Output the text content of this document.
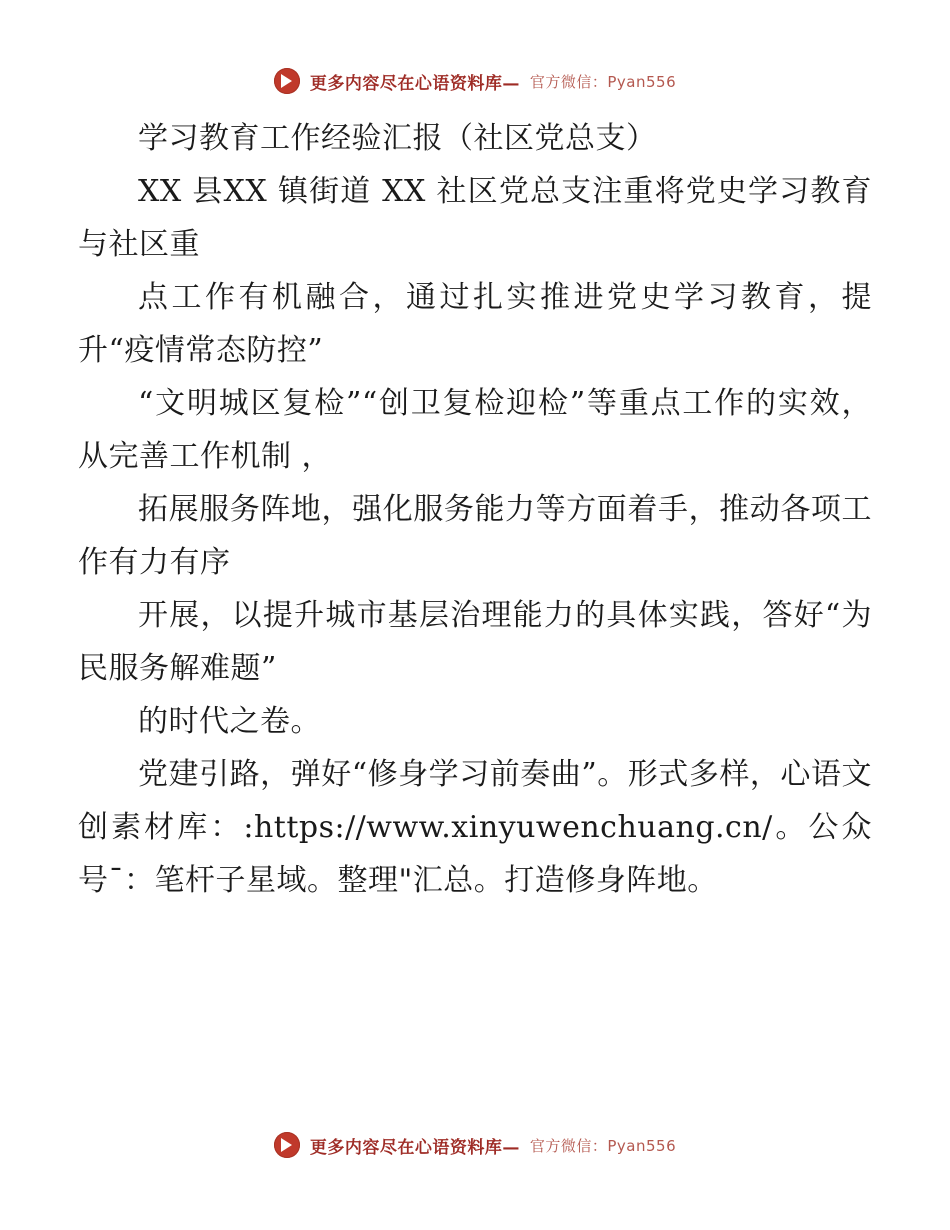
更多内容尽在心语资料库— 官方微信：Pyan556

学习教育工作经验汇报（社区党总支）

XX 县XX 镇街道 XX 社区党总支注重将党史学习教育与社区重

点工作有机融合，通过扎实推进党史学习教育，提升“疫情常态防控”

“文明城区复检”“创卫复检迎检”等重点工作的实效，从完善工作机制 ，

拓展服务阵地，强化服务能力等方面着手，推动各项工作有力有序

开展，以提升城市基层治理能力的具体实践，答好“为民服务解难题”

的时代之卷。

党建引路，弹好“修身学习前奏曲”。形式多样，心语文创素材库：:https://www.xinyuwenchuang.cn/。公众号¯：笔杆子星域。整理"汇总。打造修身阵地。

更多内容尽在心语资料库— 官方微信：Pyan556
